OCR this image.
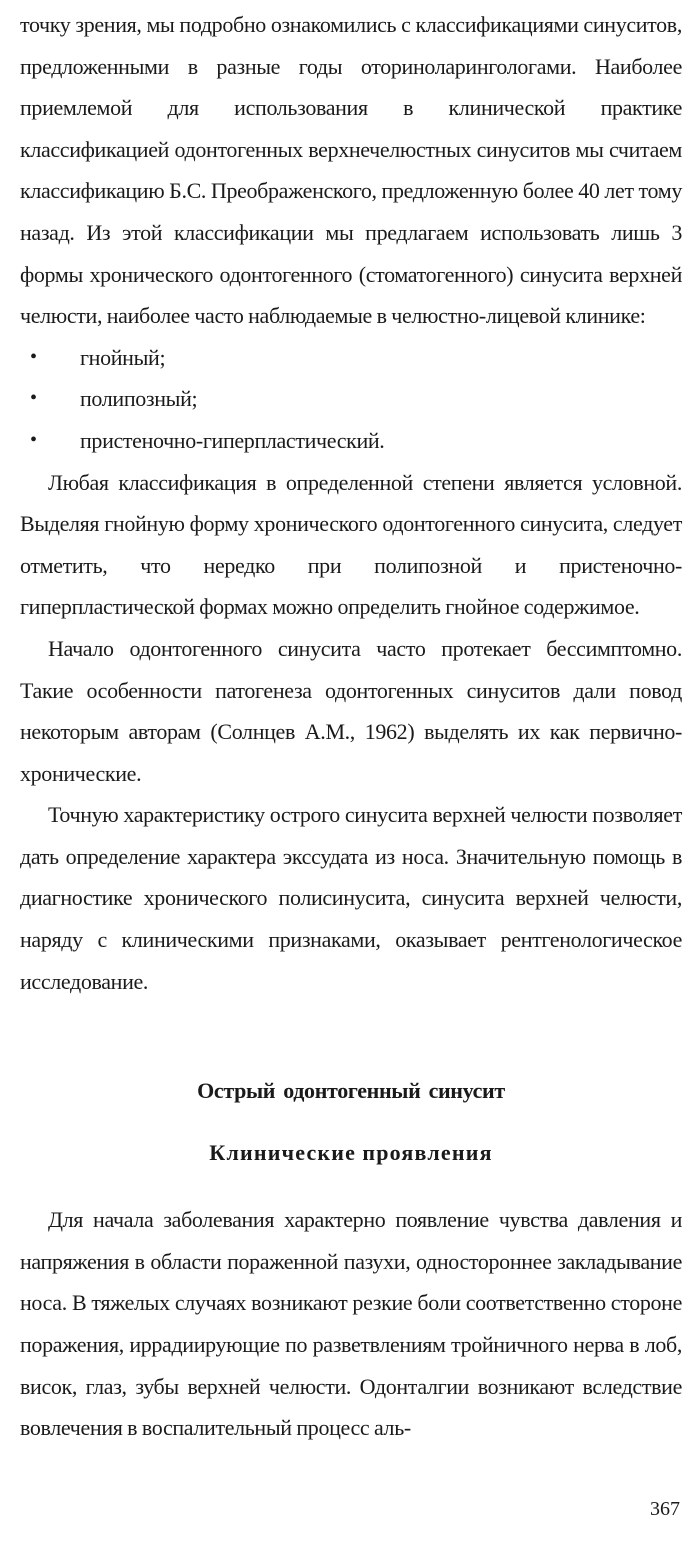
точку зрения, мы подробно ознакомились с классификациями синуситов, предложенными в разные годы оториноларингологами. Наиболее приемлемой для использования в клинической практике классификацией одонтогенных верхнечелюстных синуситов мы считаем классификацию Б.С. Преображенского, предложенную более 40 лет тому назад. Из этой классификации мы предлагаем использовать лишь 3 формы хронического одонтогенного (стоматогенного) синусита верхней челюсти, наиболее часто наблюдаемые в челюстно-лицевой клинике:

• гнойный;
• полипозный;
• пристеночно-гиперпластический.

Любая классификация в определенной степени является условной. Выделяя гнойную форму хронического одонтогенного синусита, следует отметить, что нередко при полипозной и пристеночно-гиперпластической формах можно определить гнойное содержимое.

Начало одонтогенного синусита часто протекает бессимптомно. Такие особенности патогенеза одонтогенных синуситов дали повод некоторым авторам (Солнцев А.М., 1962) выделять их как первично-хронические.

Точную характеристику острого синусита верхней челюсти позволяет дать определение характера экссудата из носа. Значительную помощь в диагностике хронического полисинусита, синусита верхней челюсти, наряду с клиническими признаками, оказывает рентгенологическое исследование.

Острый одонтогенный синусит
Клинические проявления

Для начала заболевания характерно появление чувства давления и напряжения в области пораженной пазухи, одностороннее закладывание носа. В тяжелых случаях возникают резкие боли соответственно стороне поражения, иррадиирующие по разветвлениям тройничного нерва в лоб, висок, глаз, зубы верхней челюсти. Одонталгии возникают вследствие вовлечения в воспалительный процесс аль-

367
